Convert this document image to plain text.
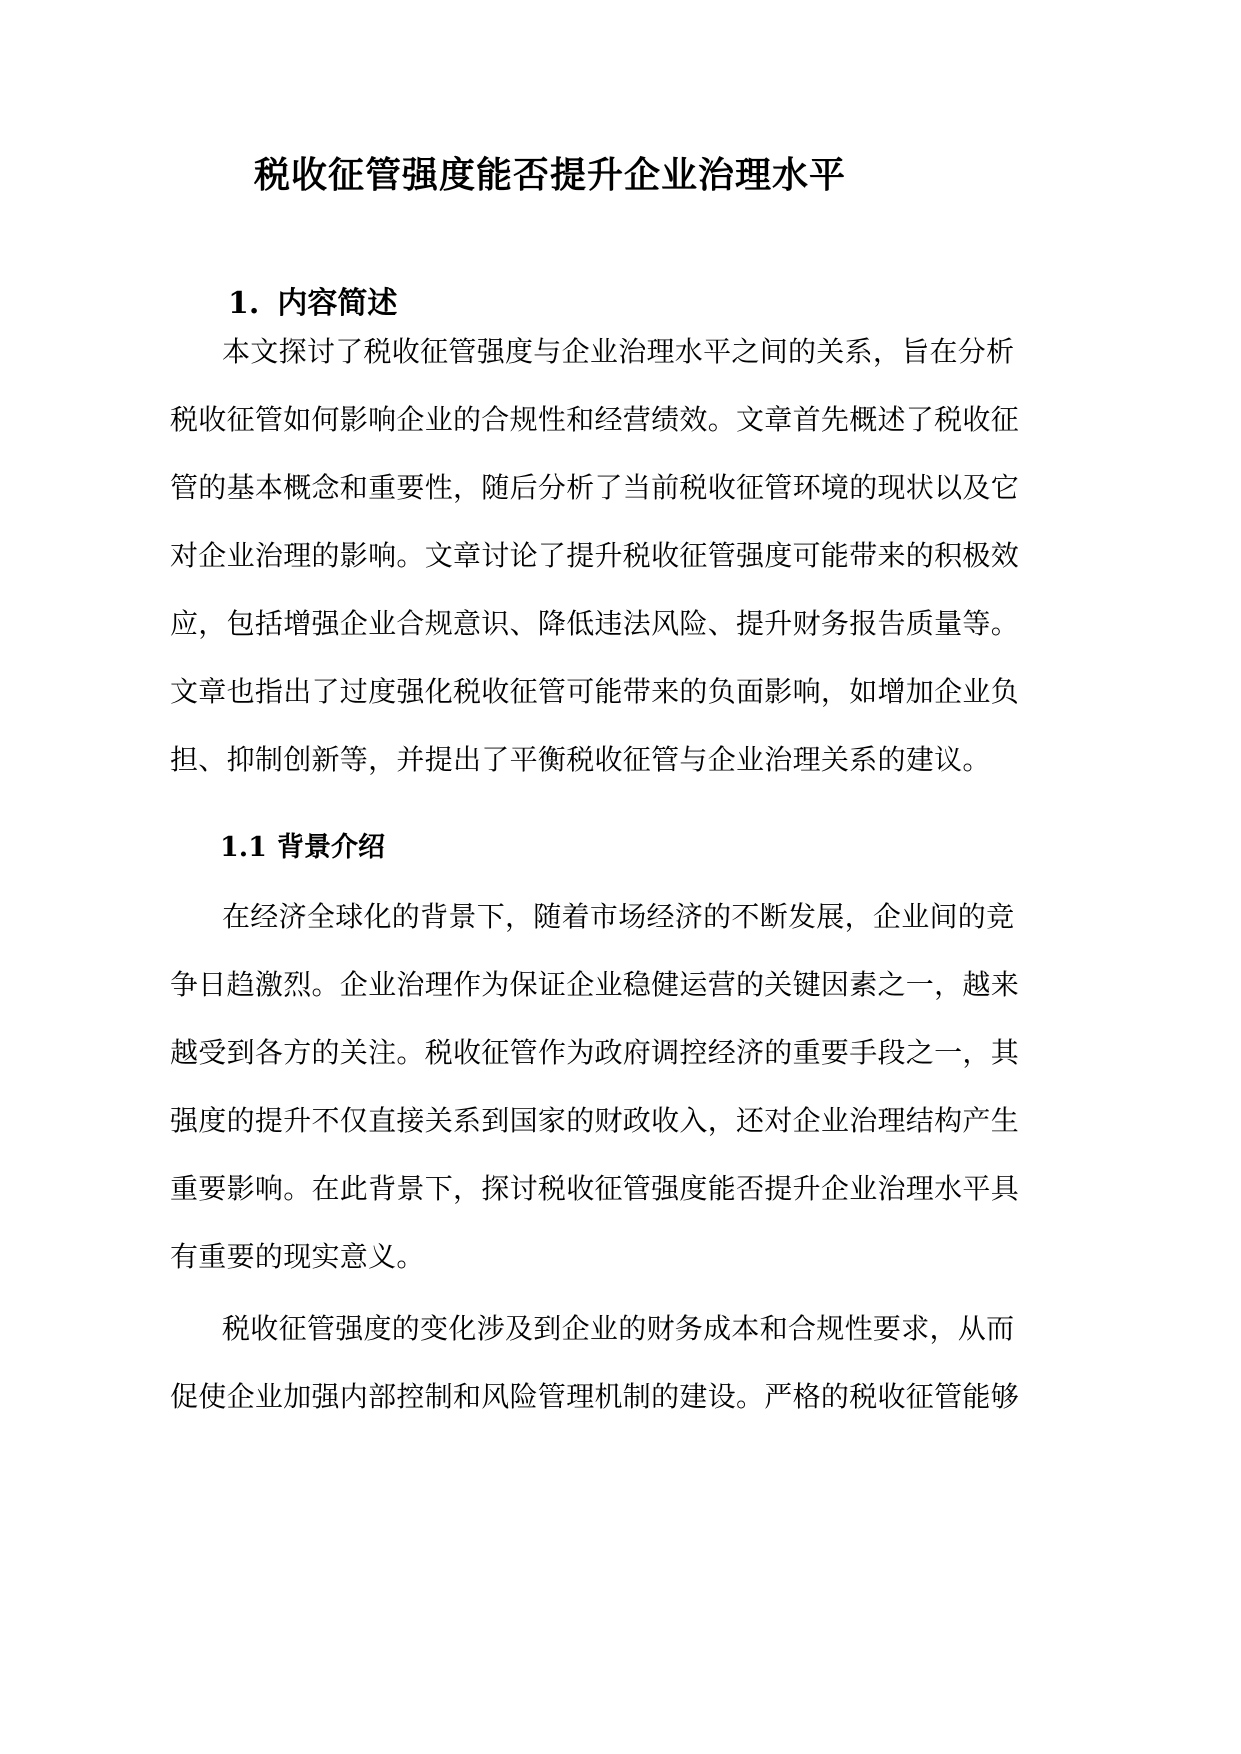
税收征管强度能否提升企业治理水平
1. 内容简述

本文探讨了税收征管强度与企业治理水平之间的关系，旨在分析
税收征管如何影响企业的合规性和经营绩效。文章首先概述了税收征
管的基本概念和重要性，随后分析了当前税收征管环境的现状以及它
对企业治理的影响。文章讨论了提升税收征管强度可能带来的积极效
应，包括增强企业合规意识、降低违法风险、提升财务报告质量等。
文章也指出了过度强化税收征管可能带来的负面影响，如增加企业负
担、抑制创新等，并提出了平衡税收征管与企业治理关系的建议。

1.1 背景介绍

在经济全球化的背景下，随着市场经济的不断发展，企业间的竞
争日趋激烈。企业治理作为保证企业稳健运营的关键因素之一，越来
越受到各方的关注。税收征管作为政府调控经济的重要手段之一，其
强度的提升不仅直接关系到国家的财政收入，还对企业治理结构产生
重要影响。在此背景下，探讨税收征管强度能否提升企业治理水平具
有重要的现实意义。

税收征管强度的变化涉及到企业的财务成本和合规性要求，从而
促使企业加强内部控制和风险管理机制的建设。严格的税收征管能够
